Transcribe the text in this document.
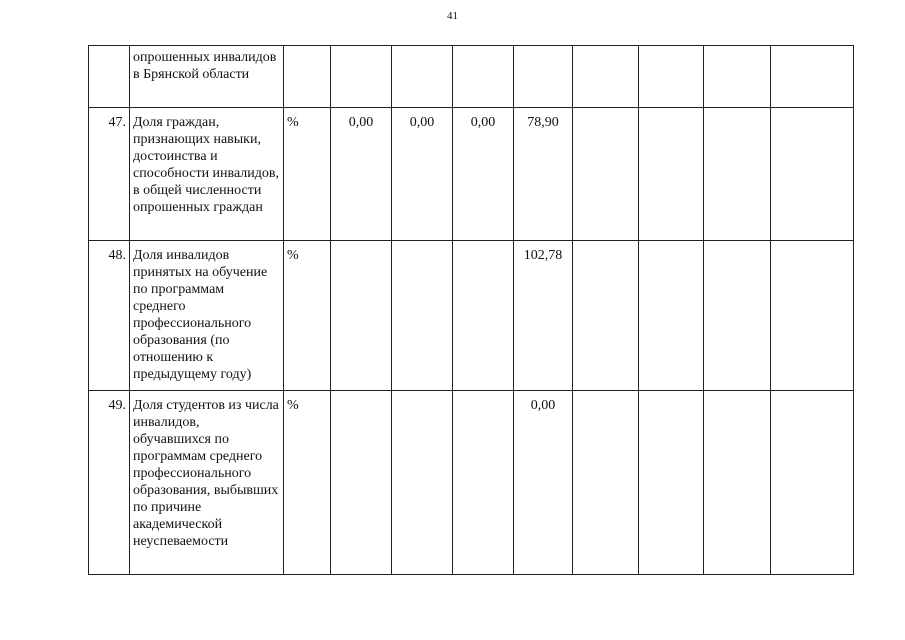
41
	опрошенных инвалидов в Брянской области									
47.	Доля граждан, признающих навыки, достоинства и способности инвалидов, в общей численности опрошенных граждан	%	0,00	0,00	0,00	78,90				
48.	Доля инвалидов принятых на обучение по программам среднего профессионального образования (по отношению к предыдущему году)	%				102,78				
49.	Доля студентов из числа инвалидов, обучавшихся по программам среднего профессионального образования, выбывших по причине академической неуспеваемости	%				0,00				
